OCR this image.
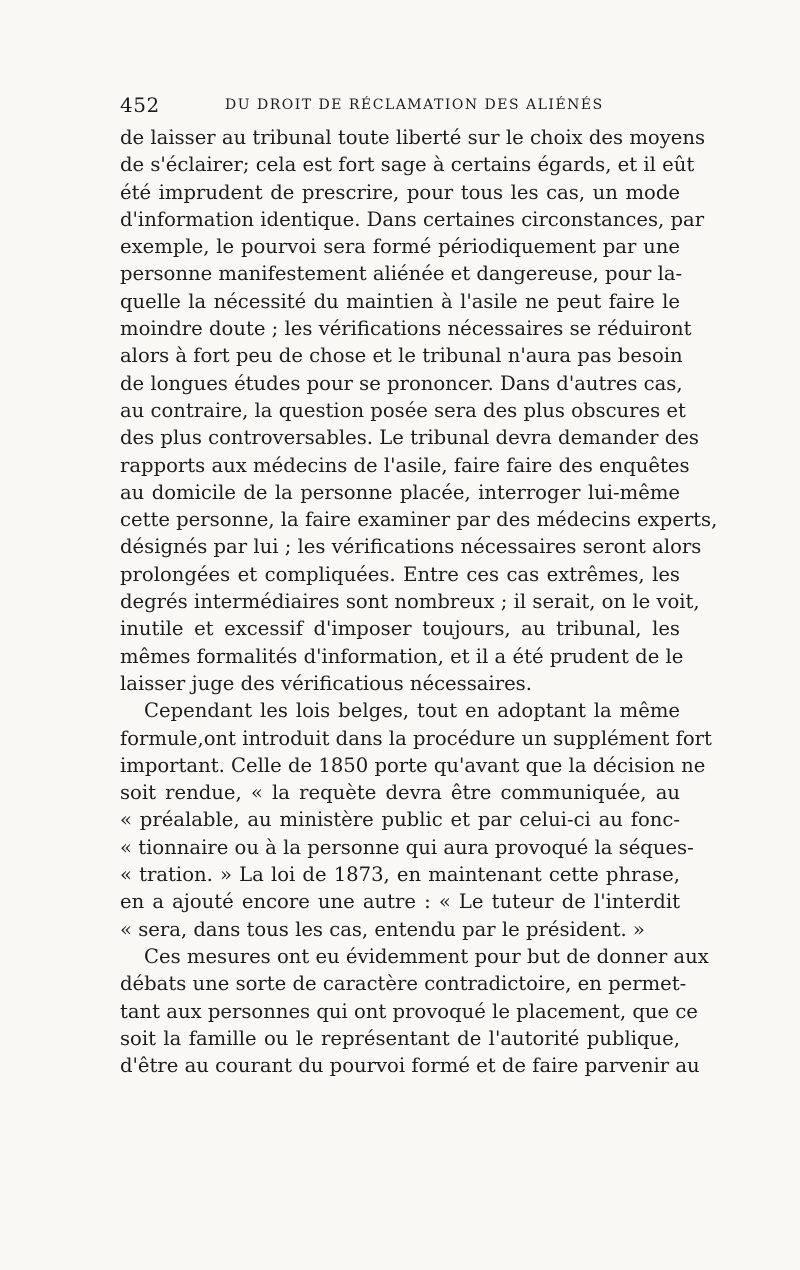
452	DU DROIT DE RÉCLAMATION DES ALIÉNÉS
de laisser au tribunal toute liberté sur le choix des moyens
de s'éclairer; cela est fort sage à certains égards, et il eût
été imprudent de prescrire, pour tous les cas, un mode
d'information identique. Dans certaines circonstances, par
exemple, le pourvoi sera formé périodiquement par une
personne manifestement aliénée et dangereuse, pour la-
quelle la nécessité du maintien à l'asile ne peut faire le
moindre doute ; les vérifications nécessaires se réduiront
alors à fort peu de chose et le tribunal n'aura pas besoin
de longues études pour se prononcer. Dans d'autres cas,
au contraire, la question posée sera des plus obscures et
des plus controversables. Le tribunal devra demander des
rapports aux médecins de l'asile, faire faire des enquêtes
au domicile de la personne placée, interroger lui-même
cette personne, la faire examiner par des médecins experts,
désignés par lui ; les vérifications nécessaires seront alors
prolongées et compliquées. Entre ces cas extrêmes, les
degrés intermédiaires sont nombreux ; il serait, on le voit,
inutile et excessif d'imposer toujours, au tribunal, les
mêmes formalités d'information, et il a été prudent de le
laisser juge des vérificatious nécessaires.
Cependant les lois belges, tout en adoptant la même
formule,ont introduit dans la procédure un supplément fort
important. Celle de 1850 porte qu'avant que la décision ne
soit rendue, « la requète devra être communiquée, au
« préalable, au ministère public et par celui-ci au fonc-
« tionnaire ou à la personne qui aura provoqué la séques-
« tration. » La loi de 1873, en maintenant cette phrase,
en a ajouté encore une autre : « Le tuteur de l'interdit
« sera, dans tous les cas, entendu par le président. »
Ces mesures ont eu évidemment pour but de donner aux
débats une sorte de caractère contradictoire, en permet-
tant aux personnes qui ont provoqué le placement, que ce
soit la famille ou le représentant de l'autorité publique,
d'être au courant du pourvoi formé et de faire parvenir au
